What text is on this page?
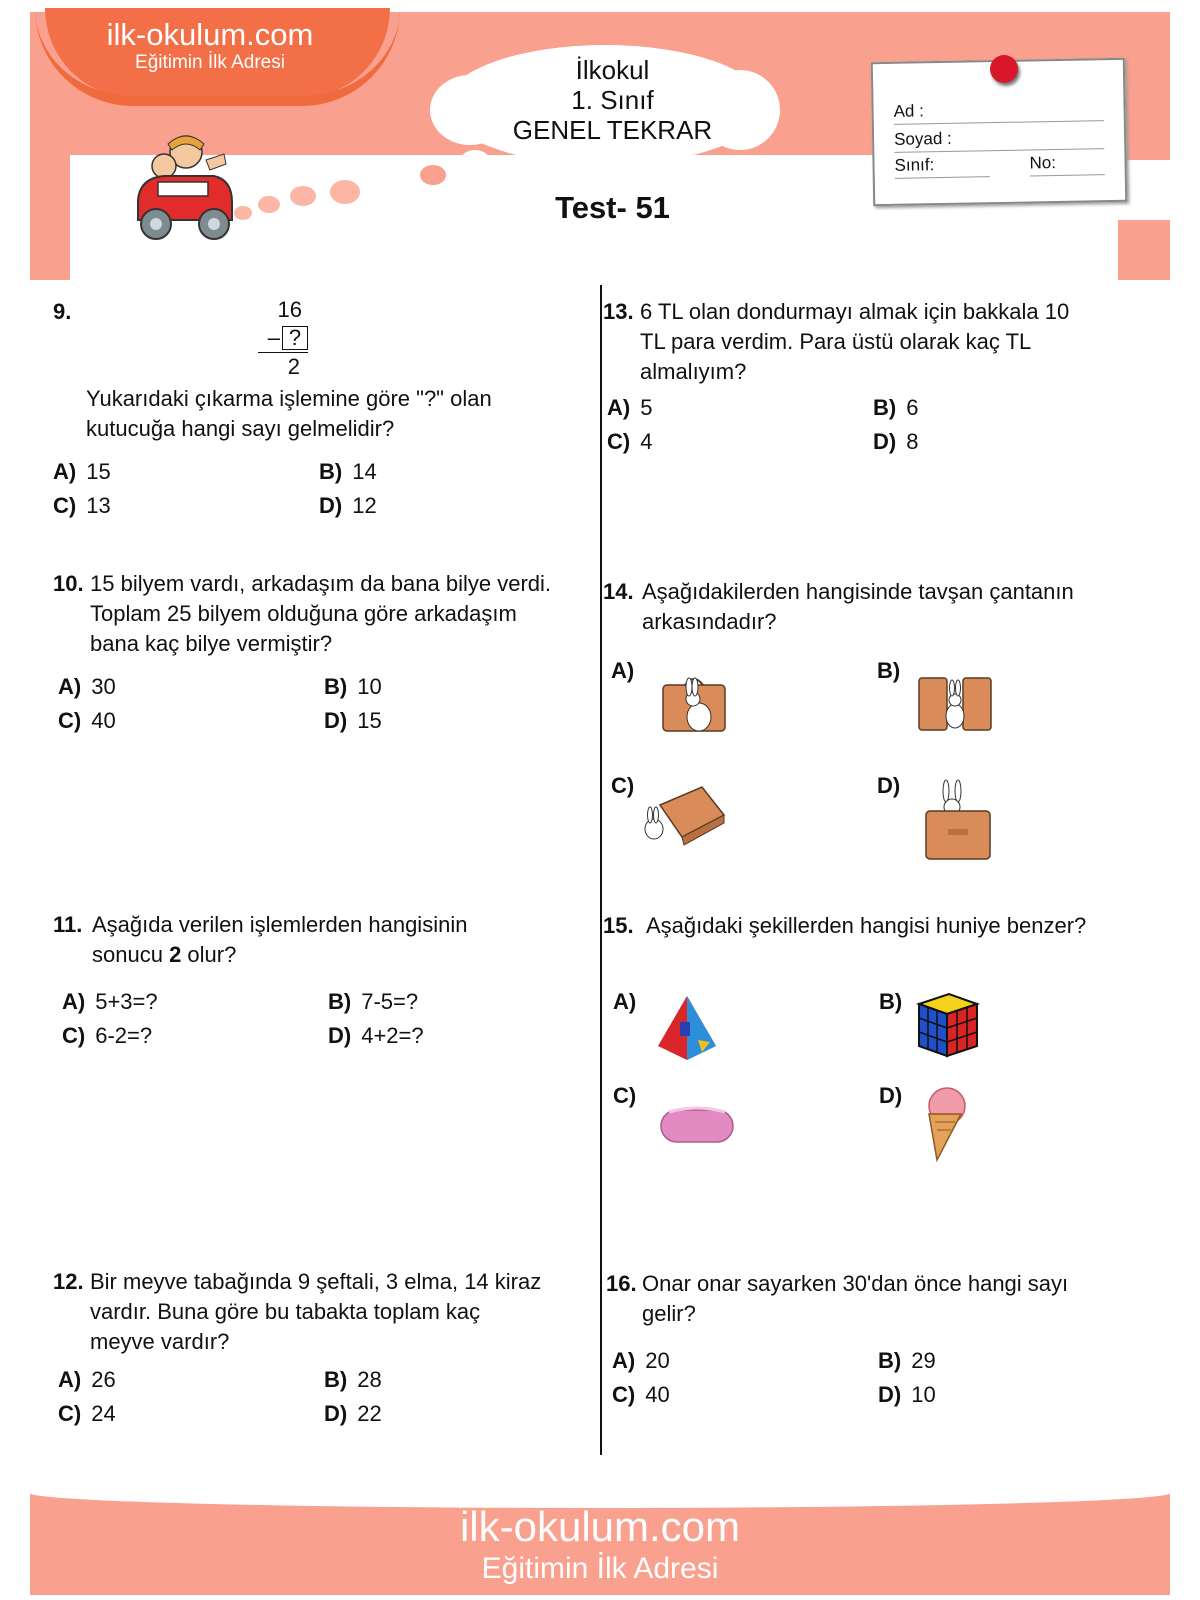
ilk-okulum.com
Eğitimin İlk Adresi	İlkokul
1. Sınıf
GENEL TEKRAR
Test- 51
Ad :
Soyad :
Sınıf:	No:
9.	16
– ?
2
Yukarıdaki çıkarma işlemine göre "?" olan
kutucuğa hangi sayı gelmelidir?
A) 15	B) 14
C) 13	D) 12
10. 15 bilyem vardı, arkadaşım da bana bilye verdi.
Toplam 25 bilyem olduğuna göre arkadaşım
bana kaç bilye vermiştir?
A) 30	B) 10
C) 40	D) 15
11. Aşağıda verilen işlemlerden hangisinin
sonucu 2 olur?
A) 5+3=?	B) 7-5=?
C) 6-2=?	D) 4+2=?
12. Bir meyve tabağında 9 şeftali, 3 elma, 14 kiraz
vardır. Buna göre bu tabakta toplam kaç
meyve vardır?
A) 26	B) 28
C) 24	D) 22
13. 6 TL olan dondurmayı almak için bakkala 10
TL para verdim. Para üstü olarak kaç TL
almalıyım?
A) 5	B) 6
C) 4	D) 8
14. Aşağıdakilerden hangisinde tavşan çantanın
arkasındadır?
A)	B)
C)	D)
15. Aşağıdaki şekillerden hangisi huniye benzer?
A)	B)
C)	D)
16. Onar onar sayarken 30'dan önce hangi sayı
gelir?
A) 20	B) 29
C) 40	D) 10
ilk-okulum.com
Eğitimin İlk Adresi
